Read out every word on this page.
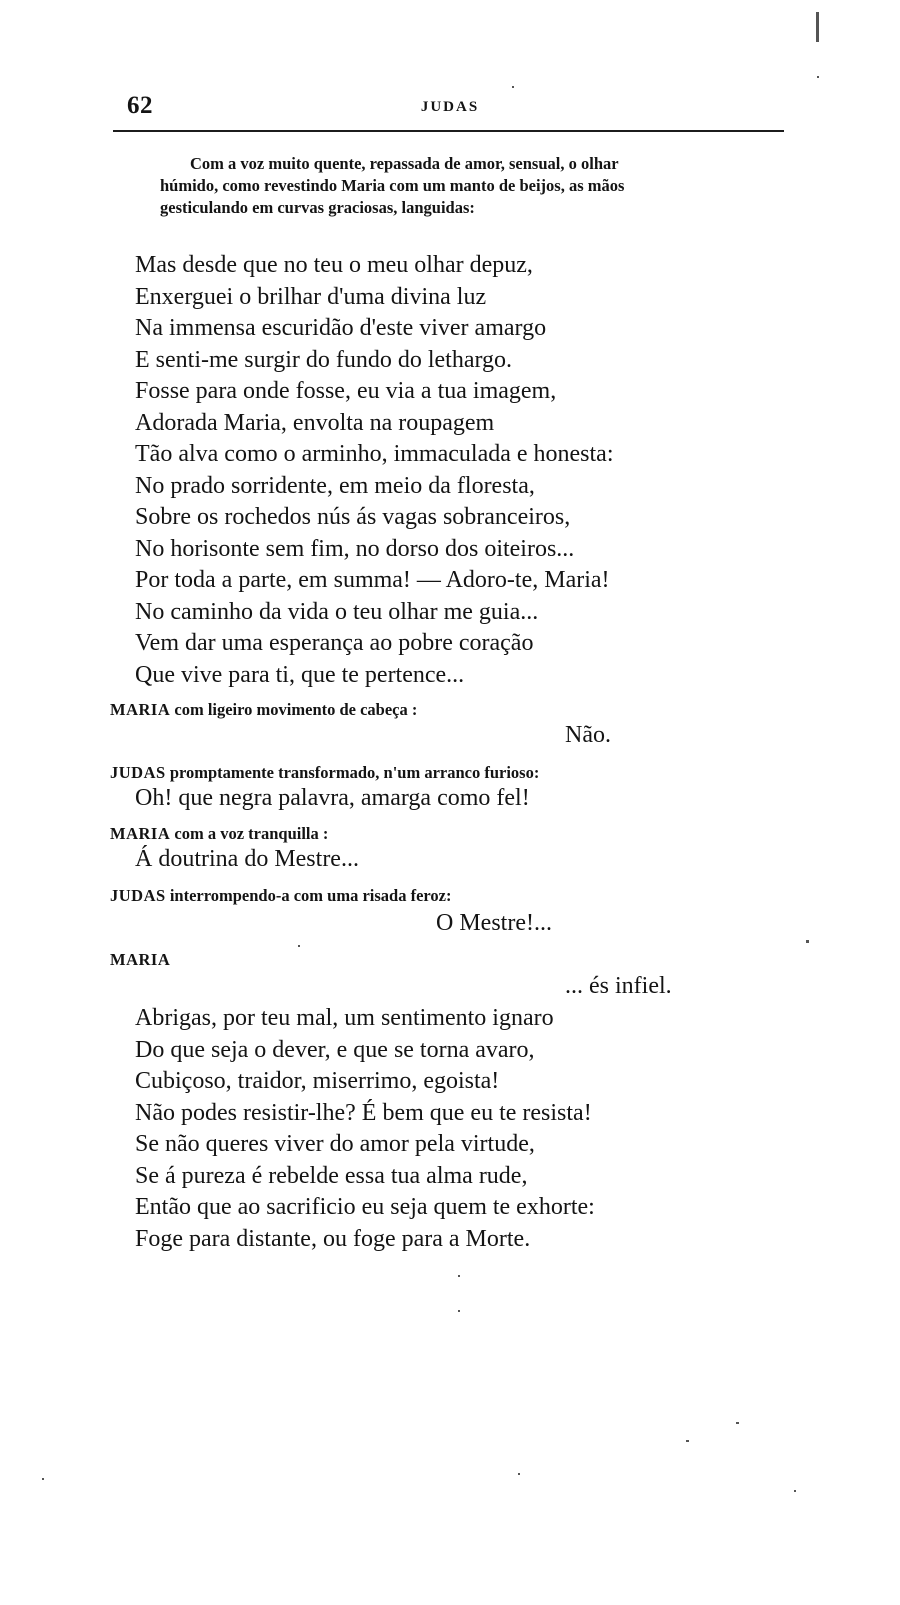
62	JUDAS

Com a voz muito quente, repassada de amor, sensual, o olhar
húmido, como revestindo Maria com um manto de beijos, as mãos
gesticulando em curvas graciosas, languidas:

Mas desde que no teu o meu olhar depuz,
Enxerguei o brilhar d'uma divina luz
Na immensa escuridão d'este viver amargo
E senti-me surgir do fundo do lethargo.
Fosse para onde fosse, eu via a tua imagem,
Adorada Maria, envolta na roupagem
Tão alva como o arminho, immaculada e honesta:
No prado sorridente, em meio da floresta,
Sobre os rochedos nús ás vagas sobranceiros,
No horisonte sem fim, no dorso dos oiteiros...
Por toda a parte, em summa! — Adoro-te, Maria!
No caminho da vida o teu olhar me guia...
Vem dar uma esperança ao pobre coração
Que vive para ti, que te pertence...
MARIA com ligeiro movimento de cabeça :
Não.
JUDAS promptamente transformado, n'um arranco furioso:
Oh! que negra palavra, amarga como fel!
MARIA com a voz tranquilla :
Á doutrina do Mestre...
JUDAS interrompendo-a com uma risada feroz:
O Mestre!...
MARIA
... és infiel.
Abrigas, por teu mal, um sentimento ignaro
Do que seja o dever, e que se torna avaro,
Cubiçoso, traidor, miserrimo, egoista!
Não podes resistir-lhe? É bem que eu te resista!
Se não queres viver do amor pela virtude,
Se á pureza é rebelde essa tua alma rude,
Então que ao sacrificio eu seja quem te exhorte:
Foge para distante, ou foge para a Morte.
